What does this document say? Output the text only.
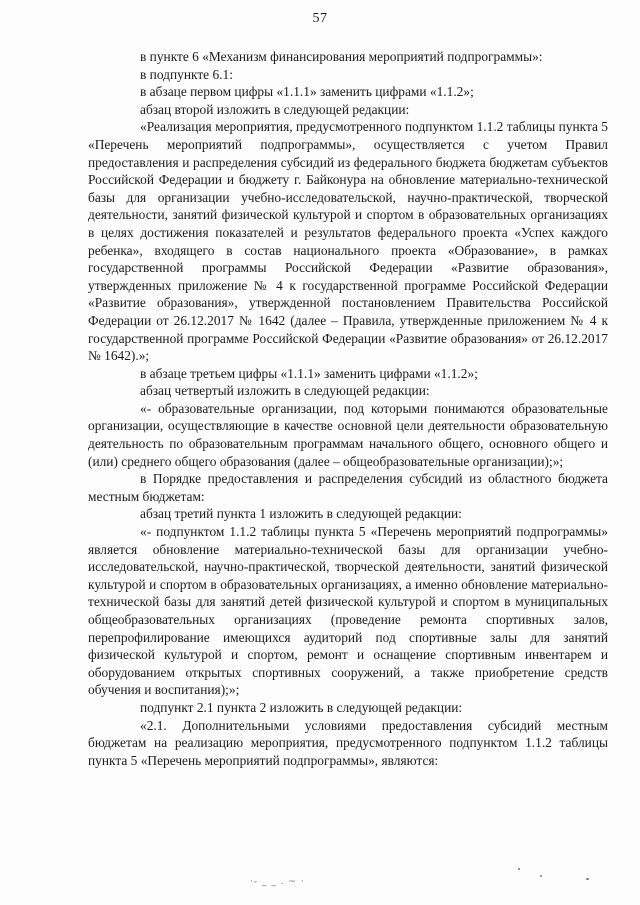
57

в пункте 6 «Механизм финансирования мероприятий подпрограммы»:

в подпункте 6.1:

в абзаце первом цифры «1.1.1» заменить цифрами «1.1.2»;

абзац второй изложить в следующей редакции:

«Реализация мероприятия, предусмотренного подпунктом 1.1.2 таблицы пункта 5 «Перечень мероприятий подпрограммы», осуществляется с учетом Правил предоставления и распределения субсидий из федерального бюджета бюджетам субъектов Российской Федерации и бюджету г. Байконура на обновление материально-технической базы для организации учебно-исследовательской, научно-практической, творческой деятельности, занятий физической культурой и спортом в образовательных организациях в целях достижения показателей и результатов федерального проекта «Успех каждого ребенка», входящего в состав национального проекта «Образование», в рамках государственной программы Российской Федерации «Развитие образования», утвержденных приложение № 4 к государственной программе Российской Федерации «Развитие образования», утвержденной постановлением Правительства Российской Федерации от 26.12.2017 № 1642 (далее – Правила, утвержденные приложением № 4 к государственной программе Российской Федерации «Развитие образования» от 26.12.2017 № 1642).»;

в абзаце третьем цифры «1.1.1» заменить цифрами «1.1.2»;

абзац четвертый изложить в следующей редакции:

«- образовательные организации, под которыми понимаются образовательные организации, осуществляющие в качестве основной цели деятельности образовательную деятельность по образовательным программам начального общего, основного общего и (или) среднего общего образования (далее – общеобразовательные организации);»;

в Порядке предоставления и распределения субсидий из областного бюджета местным бюджетам:

абзац третий пункта 1 изложить в следующей редакции:

«- подпунктом 1.1.2 таблицы пункта 5 «Перечень мероприятий подпрограммы» является обновление материально-технической базы для организации учебно-исследовательской, научно-практической, творческой деятельности, занятий физической культурой и спортом в образовательных организациях, а именно обновление материально-технической базы для занятий детей физической культурой и спортом в муниципальных общеобразовательных организациях (проведение ремонта спортивных залов, перепрофилирование имеющихся аудиторий под спортивные залы для занятий физической культурой и спортом, ремонт и оснащение спортивным инвентарем и оборудованием открытых спортивных сооружений, а также приобретение средств обучения и воспитания);»;

подпункт 2.1 пункта 2 изложить в следующей редакции:

«2.1. Дополнительными условиями предоставления субсидий местным бюджетам на реализацию мероприятия, предусмотренного подпунктом 1.1.2 таблицы пункта 5 «Перечень мероприятий подпрограммы», являются:

·- _ _ . ~ ·
